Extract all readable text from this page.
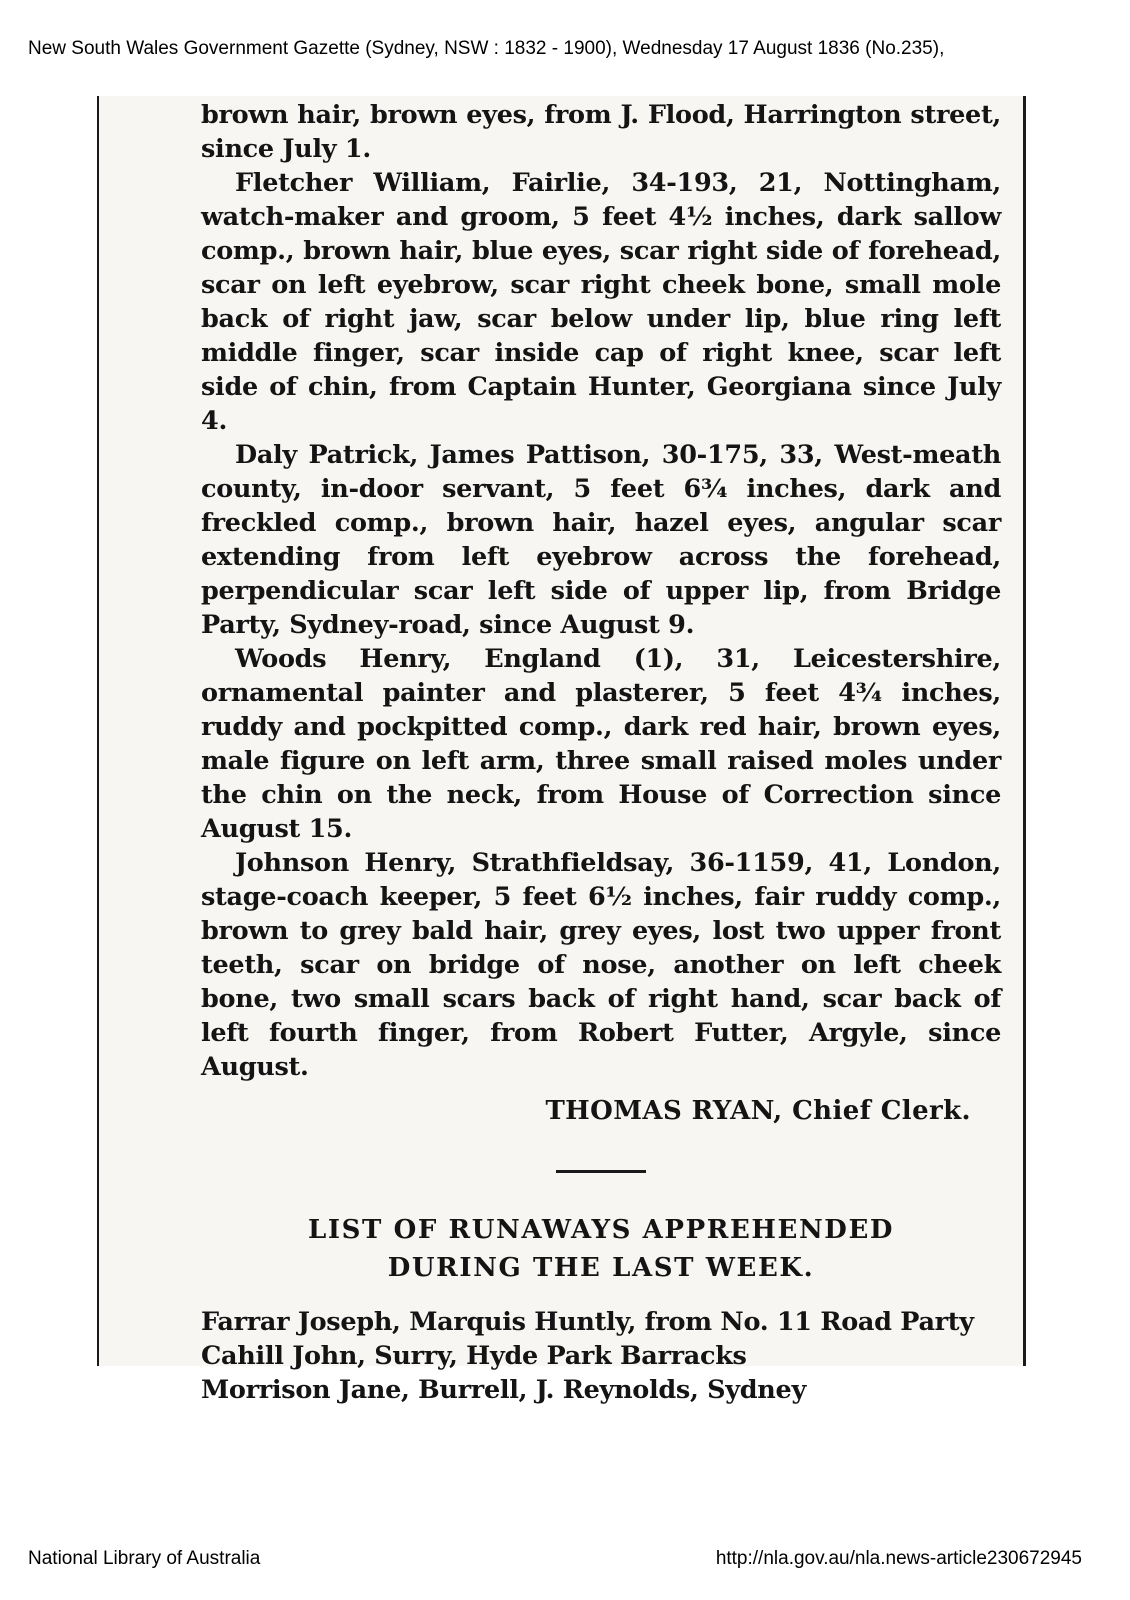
New South Wales Government Gazette (Sydney, NSW : 1832 - 1900), Wednesday 17 August 1836 (No.235),

brown hair, brown eyes, from J. Flood, Harrington street, since July 1.

Fletcher William, Fairlie, 34-193, 21, Nottingham, watch-maker and groom, 5 feet 4½ inches, dark sallow comp., brown hair, blue eyes, scar right side of forehead, scar on left eyebrow, scar right cheek bone, small mole back of right jaw, scar below under lip, blue ring left middle finger, scar inside cap of right knee, scar left side of chin, from Captain Hunter, Georgiana since July 4.

Daly Patrick, James Pattison, 30-175, 33, West-meath county, in-door servant, 5 feet 6¾ inches, dark and freckled comp., brown hair, hazel eyes, angular scar extending from left eyebrow across the forehead, perpendicular scar left side of upper lip, from Bridge Party, Sydney-road, since August 9.

Woods Henry, England (1), 31, Leicestershire, ornamental painter and plasterer, 5 feet 4¾ inches, ruddy and pockpitted comp., dark red hair, brown eyes, male figure on left arm, three small raised moles under the chin on the neck, from House of Correction since August 15.

Johnson Henry, Strathfieldsay, 36-1159, 41, London, stage-coach keeper, 5 feet 6½ inches, fair ruddy comp., brown to grey bald hair, grey eyes, lost two upper front teeth, scar on bridge of nose, another on left cheek bone, two small scars back of right hand, scar back of left fourth finger, from Robert Futter, Argyle, since August.

THOMAS RYAN, Chief Clerk.

LIST OF RUNAWAYS APPREHENDED
DURING THE LAST WEEK.

Farrar Joseph, Marquis Huntly, from No. 11 Road Party

Cahill John, Surry, Hyde Park Barracks

Morrison Jane, Burrell, J. Reynolds, Sydney

National Library of Australia	http://nla.gov.au/nla.news-article230672945
